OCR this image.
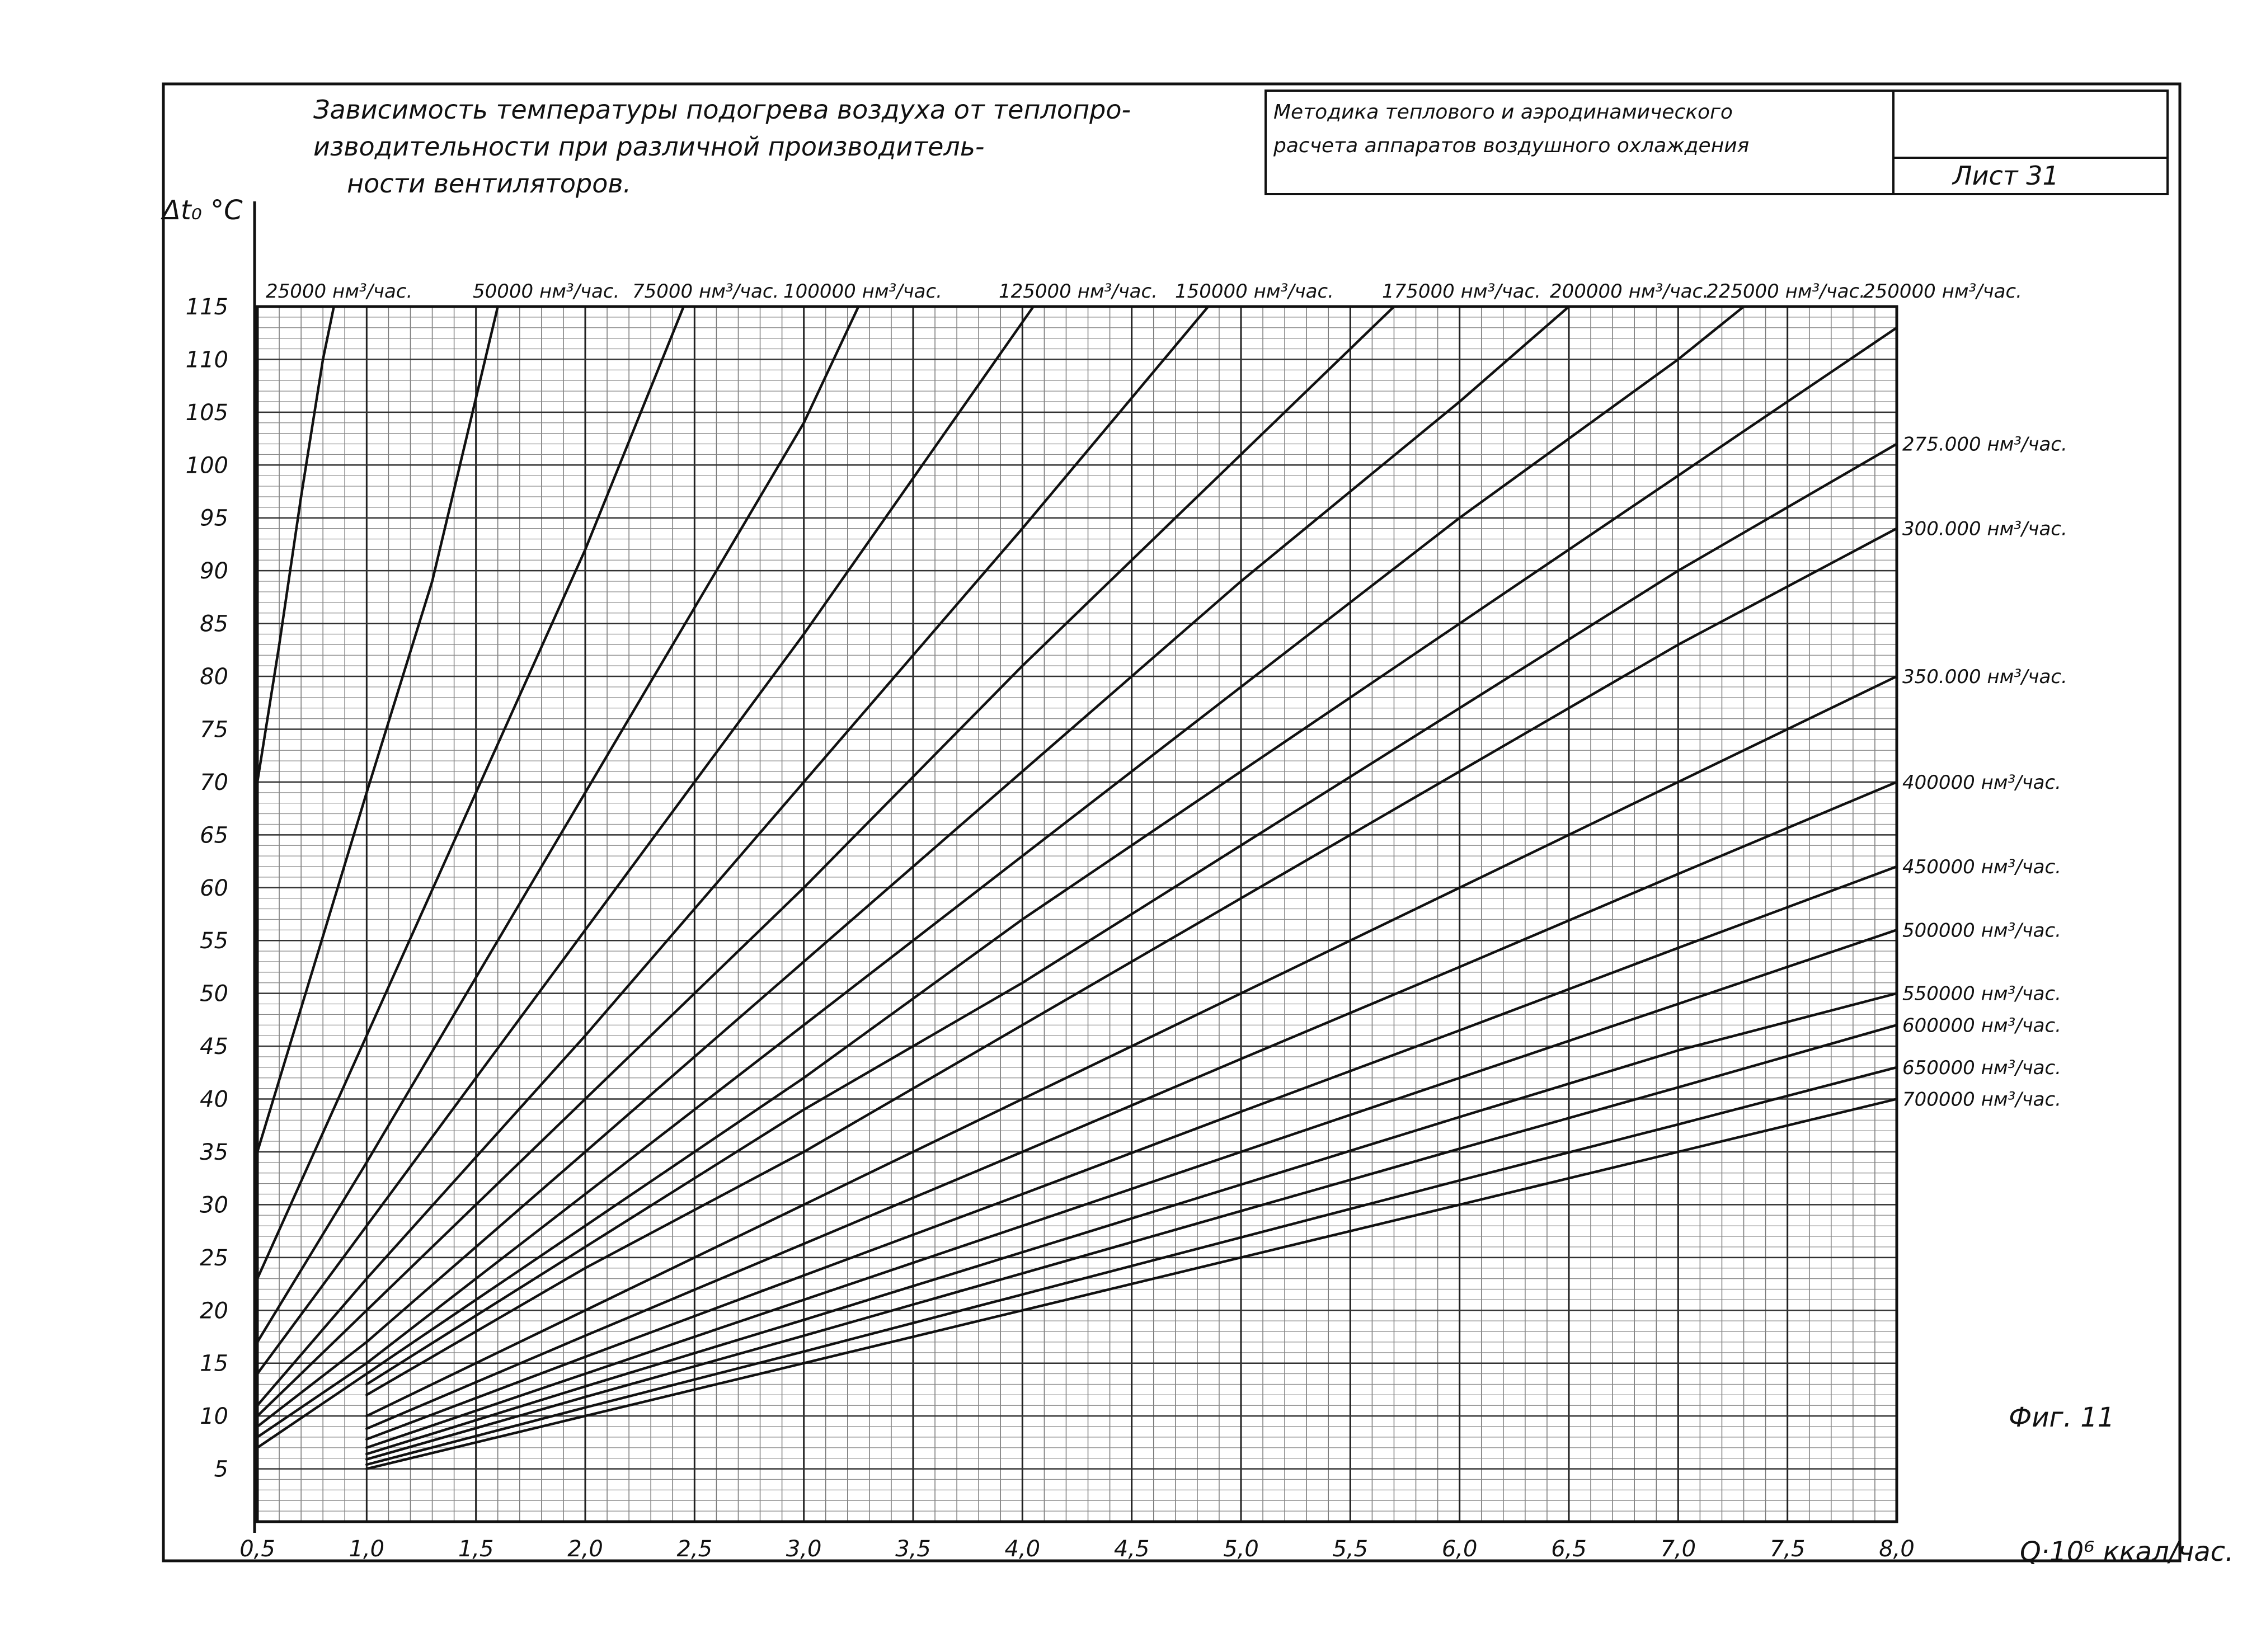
Методика теплового и аэродинамического
расчета аппаратов воздушного охлаждения
Лист 31
Зависимость температуры подогрева воздуха от теплопро-
изводительности при различной производитель-
ности вентиляторов.
25000 нм³/час.	50000 нм³/час. 75000 нм³/час. 100000 нм³/час.	125000 нм³/час. 150000 нм³/час.	175000 нм³/час. 200000 нм³/час.
225000 нм³/час.
250000 нм³/час.
275.000 нм³/час.
300.000 нм³/час.
350.000 нм³/час.
400000 нм³/час.
450000 нм³/час.
500000 нм³/час.
550000 нм³/час.
600000 нм³/час.
650000 нм³/час.
700000 нм³/час.
0,5	1,0	1,5	2,0	2,5	3,0	3,5	4,0	4,5	5,0	5,5	6,0	6,5	7,0	7,5	8,0
5
10
15
20
25
30
35
40
45
50
55
60
65
70
75
80
85
90
95
100
105
110
115
Δt₀ °C
Q·10⁶ ккал/час.
Фиг. 11
